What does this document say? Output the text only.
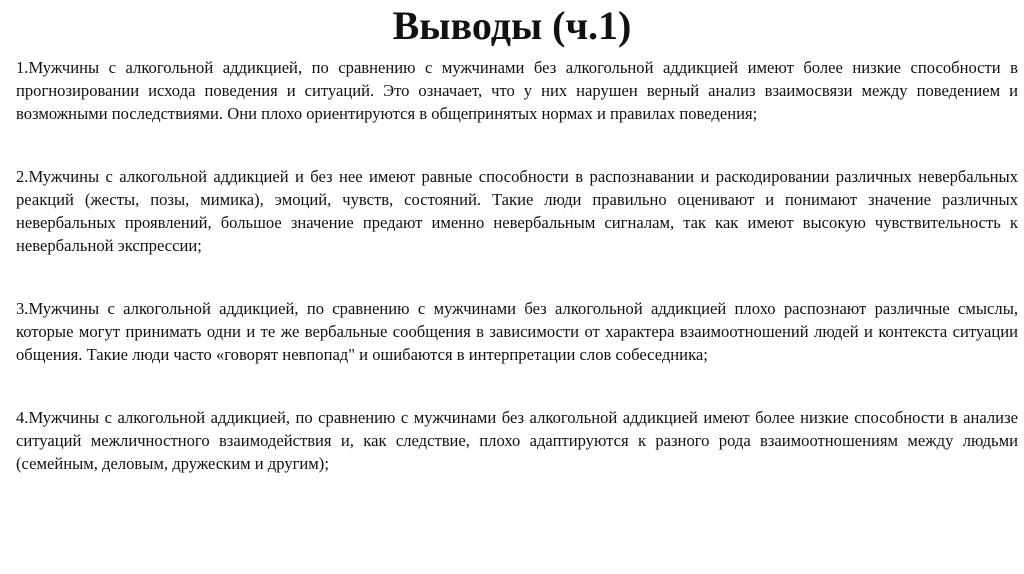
Выводы (ч.1)

1.Мужчины с алкогольной аддикцией, по сравнению с мужчинами без алкогольной аддикцией имеют более низкие способности в прогнозировании исхода поведения и ситуаций. Это означает, что у них нарушен верный анализ взаимосвязи между поведением и возможными последствиями. Они плохо ориентируются в общепринятых нормах и правилах поведения;

2.Мужчины с алкогольной аддикцией и без нее имеют равные способности в распознавании и раскодировании различных невербальных реакций (жесты, позы, мимика), эмоций, чувств, состояний. Такие люди правильно оценивают и понимают значение различных невербальных проявлений, большое значение предают именно невербальным сигналам, так как имеют высокую чувствительность к невербальной экспрессии;

3.Мужчины с алкогольной аддикцией, по сравнению с мужчинами без алкогольной аддикцией плохо распознают различные смыслы, которые могут принимать одни и те же вербальные сообщения в зависимости от характера взаимоотношений людей и контекста ситуации общения. Такие люди часто «говорят невпопад" и ошибаются в интерпретации слов собеседника;

4.Мужчины с алкогольной аддикцией, по сравнению с мужчинами без алкогольной аддикцией имеют более низкие способности в анализе ситуаций межличностного взаимодействия и, как следствие, плохо адаптируются к разного рода взаимоотношениям между людьми (семейным, деловым, дружеским и другим);
